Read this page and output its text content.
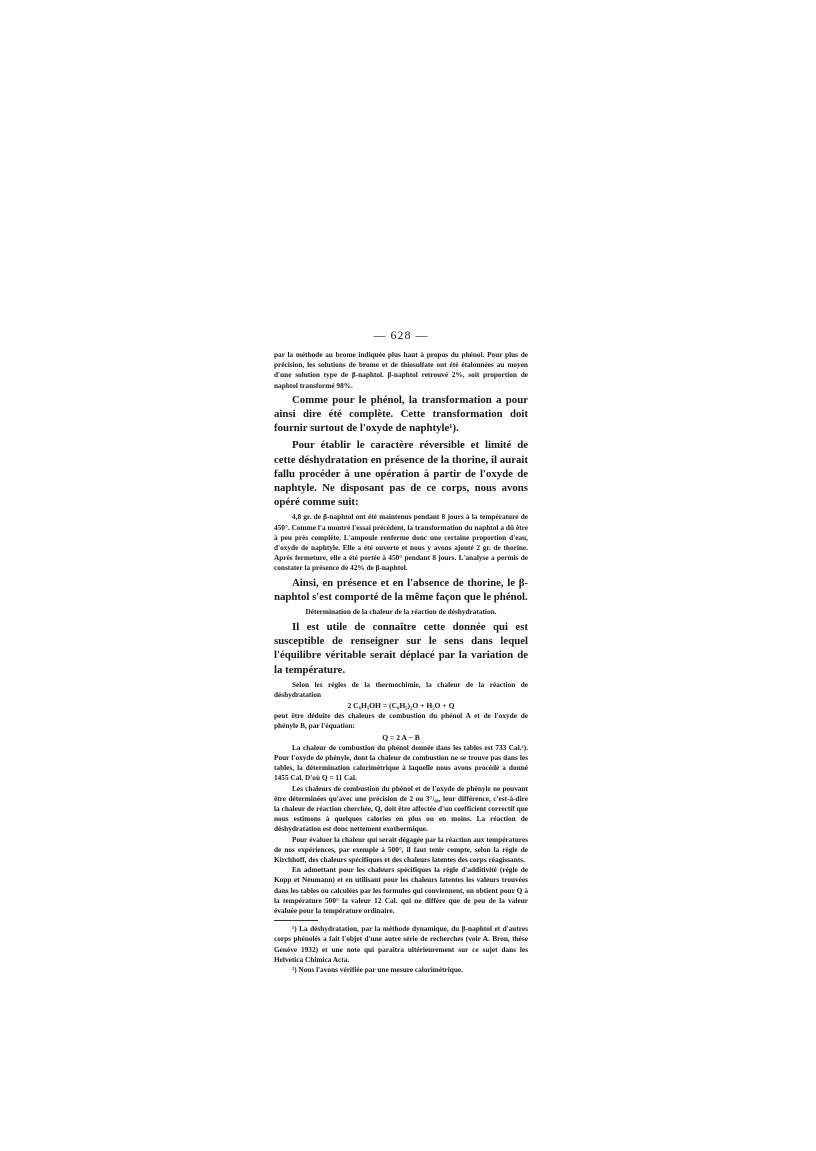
— 628 —

par la méthode au brome indiquée plus haut à propos du phénol. Pour plus de précision, les solutions de brome et de thiosulfate ont été étalonnées au moyen d'une solution type de β-naphtol. β-naphtol retrouvé 2%, soit proportion de naphtol transformé 98%.

Comme pour le phénol, la transformation a pour ainsi dire été complète. Cette transformation doit fournir surtout de l'oxyde de naphtyle¹).

Pour établir le caractère réversible et limité de cette déshydratation en présence de la thorine, il aurait fallu procéder à une opération à partir de l'oxyde de naphtyle. Ne disposant pas de ce corps, nous avons opéré comme suit:

4,8 gr. de β-naphtol ont été maintenus pendant 8 jours à la température de 450°. Comme l'a montré l'essai précédent, la transformation du naphtol a dû être à peu près complète. L'ampoule renferme donc une certaine proportion d'eau, d'oxyde de naphtyle. Elle a été ouverte et nous y avons ajouté 2 gr. de thorine. Après fermeture, elle a été portée à 450° pendant 8 jours. L'analyse a permis de constater la présence de 42% de β-naphtol.

Ainsi, en présence et en l'absence de thorine, le β-naphtol s'est comporté de la même façon que le phénol.

Détermination de la chaleur de la réaction de déshydratation.

Il est utile de connaître cette donnée qui est susceptible de renseigner sur le sens dans lequel l'équilibre véritable serait déplacé par la variation de la température.

Selon les règles de la thermochimie, la chaleur de la réaction de déshydratation

2 C₆H₅OH = (C₆H₅)₂O + H₂O + Q

peut être déduite des chaleurs de combustion du phénol A et de l'oxyde de phényle B, par l'équation:

Q = 2 A − B

La chaleur de combustion du phénol donnée dans les tables est 733 Cal.²). Pour l'oxyde de phényle, dont la chaleur de combustion ne se trouve pas dans les tables, la détermination calorimétrique à laquelle nous avons procédé a donné 1455 Cal. D'où Q = 11 Cal.

Les chaleurs de combustion du phénol et de l'oxyde de phényle ne pouvant être déterminées qu'avec une précision de 2 ou 3°/₀₀, leur différence, c'est-à-dire la chaleur de réaction cherchée, Q, doit être affectée d'un coefficient correctif que nous estimons à quelques calories en plus ou en moins. La réaction de déshydratation est donc nettement exothermique.

Pour évaluer la chaleur qui serait dégagée par la réaction aux températures de nos expériences, par exemple à 500°, il faut tenir compte, selon la règle de Kirchhoff, des chaleurs spécifiques et des chaleurs latentes des corps réagissants.

En admettant pour les chaleurs spécifiques la règle d'additivité (règle de Kopp et Neumann) et en utilisant pour les chaleurs latentes les valeurs trouvées dans les tables ou calculées par les formules qui conviennent, on obtient pour Q à la température 500° la valeur 12 Cal. qui ne diffère que de peu de la valeur évaluée pour la température ordinaire.

¹) La déshydratation, par la méthode dynamique, du β-naphtol et d'autres corps phénolés a fait l'objet d'une autre série de recherches (voir A. Bron, thèse Genève 1932) et une note qui paraîtra ultérieurement sur ce sujet dans les Helvetica Chimica Acta.

²) Nous l'avons vérifiée par une mesure calorimétrique.
